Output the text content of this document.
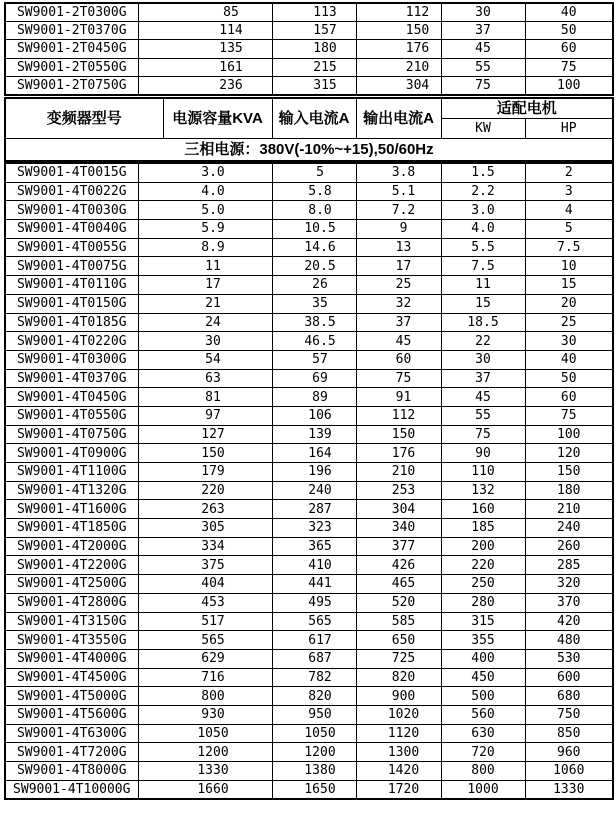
SW9001-2T0300G	85	113	112	30	40
SW9001-2T0370G	114	157	150	37	50
SW9001-2T0450G	135	180	176	45	60
SW9001-2T0550G	161	215	210	55	75
SW9001-2T0750G	236	315	304	75	100
变频器型号	电源容量KVA	输入电流A	输出电流A	适配电机	
				KW	HP
三相电源：380V(-10%~+15),50/60Hz					
SW9001-4T0015G	3.0	5	3.8	1.5	2
SW9001-4T0022G	4.0	5.8	5.1	2.2	3
SW9001-4T0030G	5.0	8.0	7.2	3.0	4
SW9001-4T0040G	5.9	10.5	9	4.0	5
SW9001-4T0055G	8.9	14.6	13	5.5	7.5
SW9001-4T0075G	11	20.5	17	7.5	10
SW9001-4T0110G	17	26	25	11	15
SW9001-4T0150G	21	35	32	15	20
SW9001-4T0185G	24	38.5	37	18.5	25
SW9001-4T0220G	30	46.5	45	22	30
SW9001-4T0300G	54	57	60	30	40
SW9001-4T0370G	63	69	75	37	50
SW9001-4T0450G	81	89	91	45	60
SW9001-4T0550G	97	106	112	55	75
SW9001-4T0750G	127	139	150	75	100
SW9001-4T0900G	150	164	176	90	120
SW9001-4T1100G	179	196	210	110	150
SW9001-4T1320G	220	240	253	132	180
SW9001-4T1600G	263	287	304	160	210
SW9001-4T1850G	305	323	340	185	240
SW9001-4T2000G	334	365	377	200	260
SW9001-4T2200G	375	410	426	220	285
SW9001-4T2500G	404	441	465	250	320
SW9001-4T2800G	453	495	520	280	370
SW9001-4T3150G	517	565	585	315	420
SW9001-4T3550G	565	617	650	355	480
SW9001-4T4000G	629	687	725	400	530
SW9001-4T4500G	716	782	820	450	600
SW9001-4T5000G	800	820	900	500	680
SW9001-4T5600G	930	950	1020	560	750
SW9001-4T6300G	1050	1050	1120	630	850
SW9001-4T7200G	1200	1200	1300	720	960
SW9001-4T8000G	1330	1380	1420	800	1060
SW9001-4T10000G	1660	1650	1720	1000	1330
